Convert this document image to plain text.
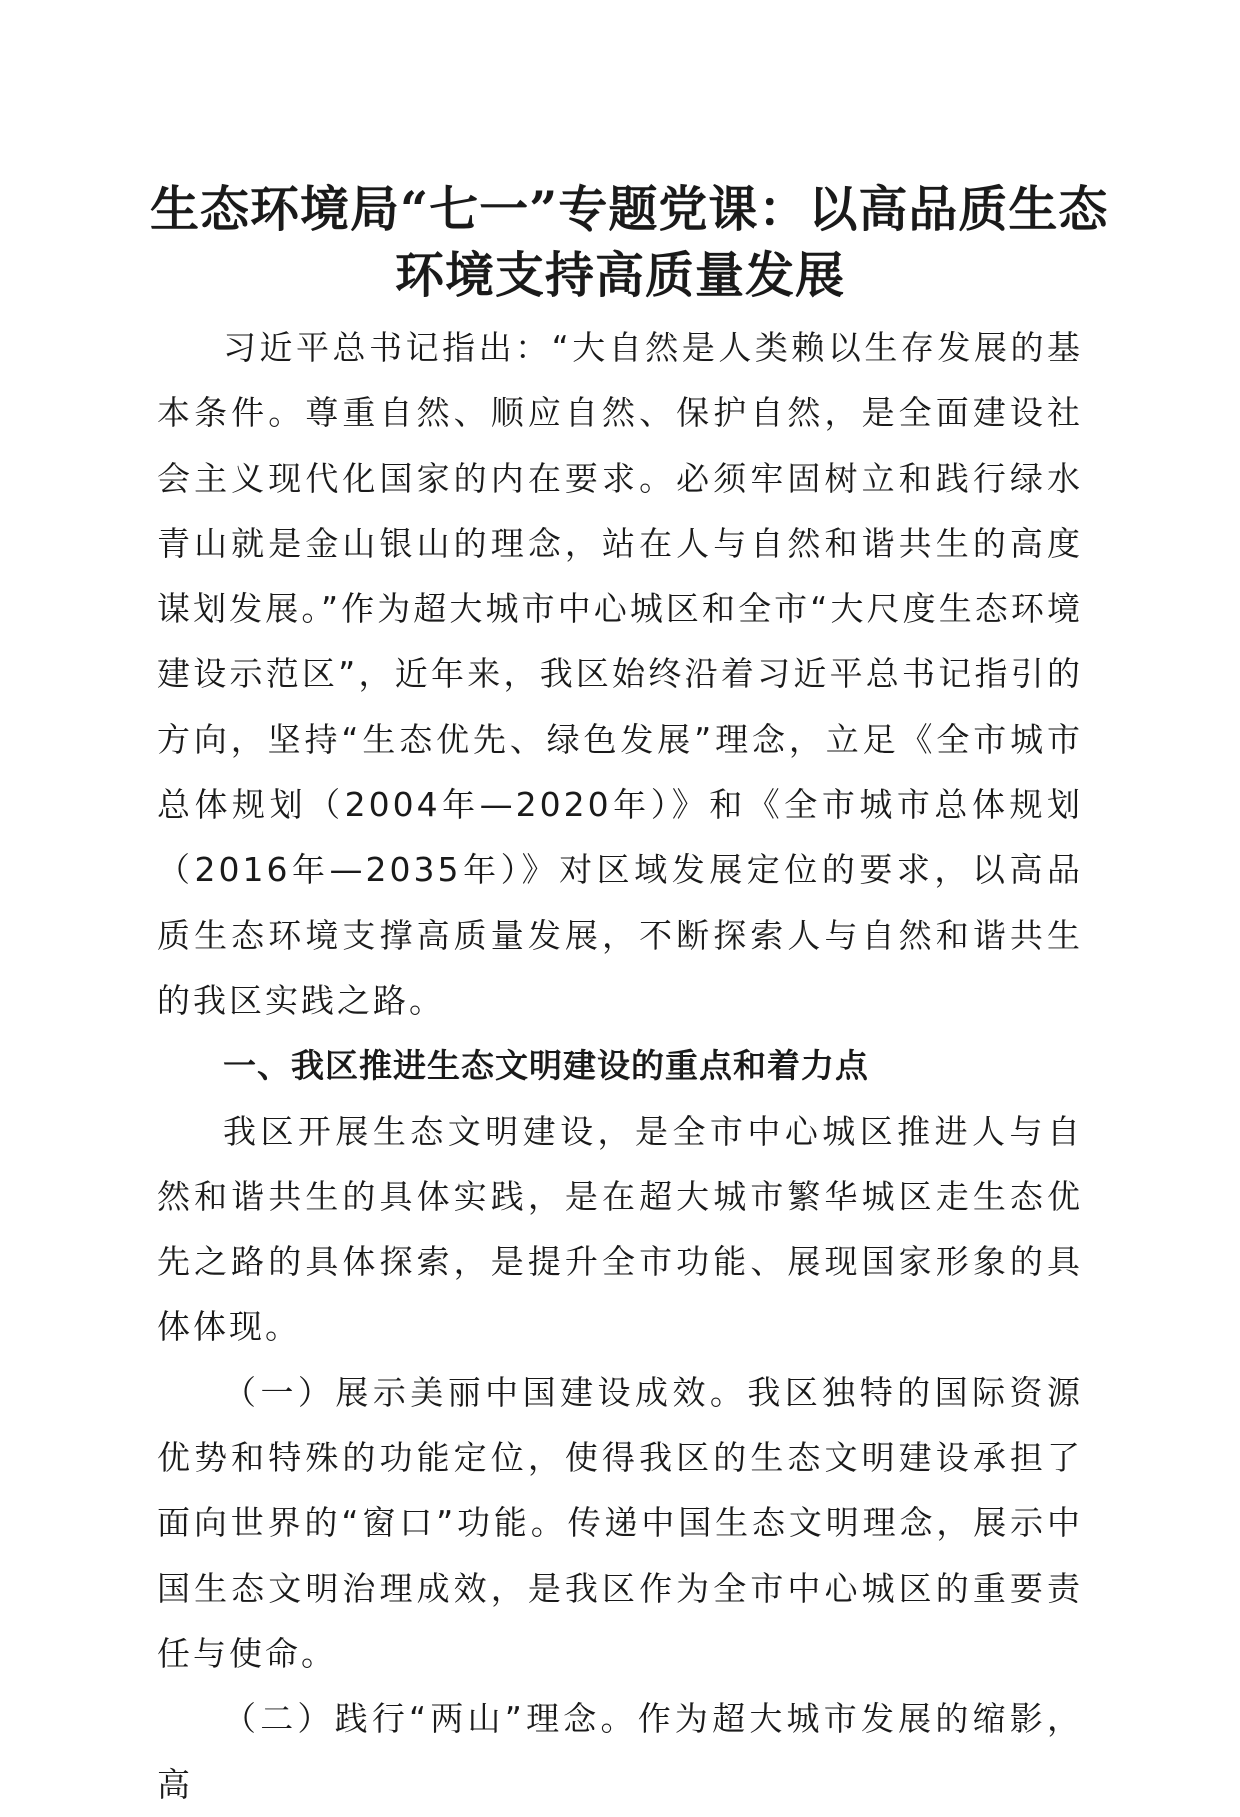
生态环境局“七一”专题党课：以高品质生态
环境支持高质量发展

习近平总书记指出：“大自然是人类赖以生存发展的基本条件。尊重自然、顺应自然、保护自然，是全面建设社会主义现代化国家的内在要求。必须牢固树立和践行绿水青山就是金山银山的理念，站在人与自然和谐共生的高度谋划发展。”作为超大城市中心城区和全市“大尺度生态环境建设示范区”，近年来，我区始终沿着习近平总书记指引的方向，坚持“生态优先、绿色发展”理念，立足《全市城市总体规划（2004年—2020年）》和《全市城市总体规划（2016年—2035年）》对区域发展定位的要求，以高品质生态环境支撑高质量发展，不断探索人与自然和谐共生的我区实践之路。

一、我区推进生态文明建设的重点和着力点

我区开展生态文明建设，是全市中心城区推进人与自然和谐共生的具体实践，是在超大城市繁华城区走生态优先之路的具体探索，是提升全市功能、展现国家形象的具体体现。

（一）展示美丽中国建设成效。我区独特的国际资源优势和特殊的功能定位，使得我区的生态文明建设承担了面向世界的“窗口”功能。传递中国生态文明理念，展示中国生态文明治理成效，是我区作为全市中心城区的重要责任与使命。

（二）践行“两山”理念。作为超大城市发展的缩影，高
